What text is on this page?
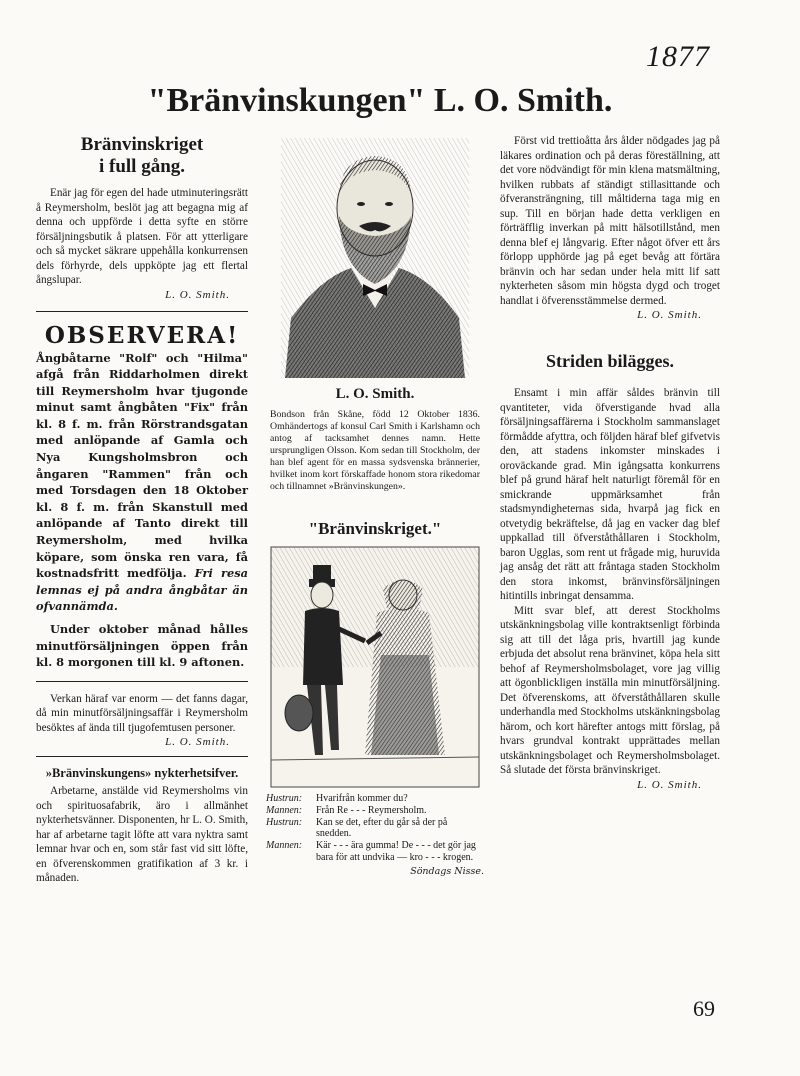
1877
"Bränvinskungen" L. O. Smith.
Bränvinskriget
i full gång.

Enär jag för egen del hade utminuteringsrätt å Reymersholm, beslöt jag att begagna mig af denna och uppförde i detta syfte en större försäljningsbutik å platsen. För att ytterligare och så mycket säkrare uppehålla konkurrensen dels förhyrde, dels uppköpte jag ett flertal ångslupar.

L. O. Smith.
OBSERVERA!
Ångbåtarne "Rolf" och "Hilma" afgå från Riddarholmen direkt till Reymersholm hvar tjugonde minut samt ångbåten "Fix" från kl. 8 f. m. från Rörstrandsgatan med anlöpande af Gamla och Nya Kungsholmsbron och ångaren "Rammen" från och med Torsdagen den 18 Oktober kl. 8 f. m. från Skanstull med anlöpande af Tanto direkt till Reymersholm, med hvilka köpare, som önska ren vara, få kostnadsfritt medfölja. Fri resa lemnas ej på andra ångbåtar än ofvannämda.
Under oktober månad hålles minutförsäljningen öppen från kl. 8 morgonen till kl. 9 aftonen.

Verkan häraf var enorm — det fanns dagar, då min minutförsäljningsaffär i Reymersholm besöktes af ända till tjugofemtusen personer.

L. O. Smith.
»Bränvinskungens» nykterhetsifver.

Arbetarne, anstälde vid Reymersholms vin och spirituosafabrik, äro i allmänhet nykterhetsvänner. Disponenten, hr L. O. Smith, har af arbetarne tagit löfte att vara nyktra samt lemnar hvar och en, som står fast vid sitt löfte, en öfverenskommen gratifikation af 3 kr. i månaden.

L. O. Smith.

Bondson från Skåne, född 12 Oktober 1836. Omhändertogs af konsul Carl Smith i Karlshamn och antog af tacksamhet dennes namn. Hette ursprungligen Olsson. Kom sedan till Stockholm, der han blef agent för en massa sydsvenska brännerier, hvilket inom kort förskaffade honom stora rikedomar och tillnamnet »Bränvinskungen».

"Bränvinskriget."
Hustrun:	Hvarifrån kommer du?
Mannen:	Från Re - - - Reymersholm.
Hustrun:	Kan se det, efter du går så der på snedden.
Mannen:	Kär - - - ära gumma! De - - - det gör jag bara för att undvika — kro - - - krogen.
Söndags Nisse.

Först vid trettioåtta års ålder nödgades jag på läkares ordination och på deras föreställning, att det vore nödvändigt för min klena matsmältning, hvilken rubbats af ständigt stillasittande och öfveransträngning, till måltiderna taga mig en sup. Till en början hade detta verkligen en förträfflig inverkan på mitt hälsotillstånd, men denna blef ej långvarig. Efter något öfver ett års förlopp upphörde jag på eget bevåg att förtära bränvin och har sedan under hela mitt lif satt nykterheten såsom min högsta dygd och troget handlat i öfverensstämmelse dermed.

L. O. Smith.
Striden bilägges.

Ensamt i min affär såldes bränvin till qvantiteter, vida öfverstigande hvad alla försäljningsaffärerna i Stockholm sammanslaget förmådde afyttra, och följden häraf blef gifvetvis den, att stadens inkomster minskades i oroväckande grad. Min igångsatta konkurrens blef på grund häraf helt naturligt föremål för en smickrande uppmärksamhet från stadsmyndigheternas sida, hvarpå jag fick en otvetydig bekräftelse, då jag en vacker dag blef uppkallad till öfverståthållaren i Stockholm, baron Ugglas, som rent ut frågade mig, huruvida jag ansåg det rätt att fråntaga staden Stockholm den stora inkomst, bränvinsförsäljningen hitintills inbringat densamma.

Mitt svar blef, att derest Stockholms utskänkningsbolag ville kontraktsenligt förbinda sig att till det låga pris, hvartill jag kunde erbjuda det absolut rena bränvinet, köpa hela sitt behof af Reymersholmsbolaget, vore jag villig att ögonblickligen inställa min minutförsäljning. Det öfverenskoms, att öfverståthållaren skulle underhandla med Stockholms utskänkningsbolag härom, och kort härefter antogs mitt förslag, på hvars grundval kontrakt upprättades mellan utskänkningsbolaget och Reymersholmsbolaget. Så slutade det första bränvinskriget.

L. O. Smith.
69
